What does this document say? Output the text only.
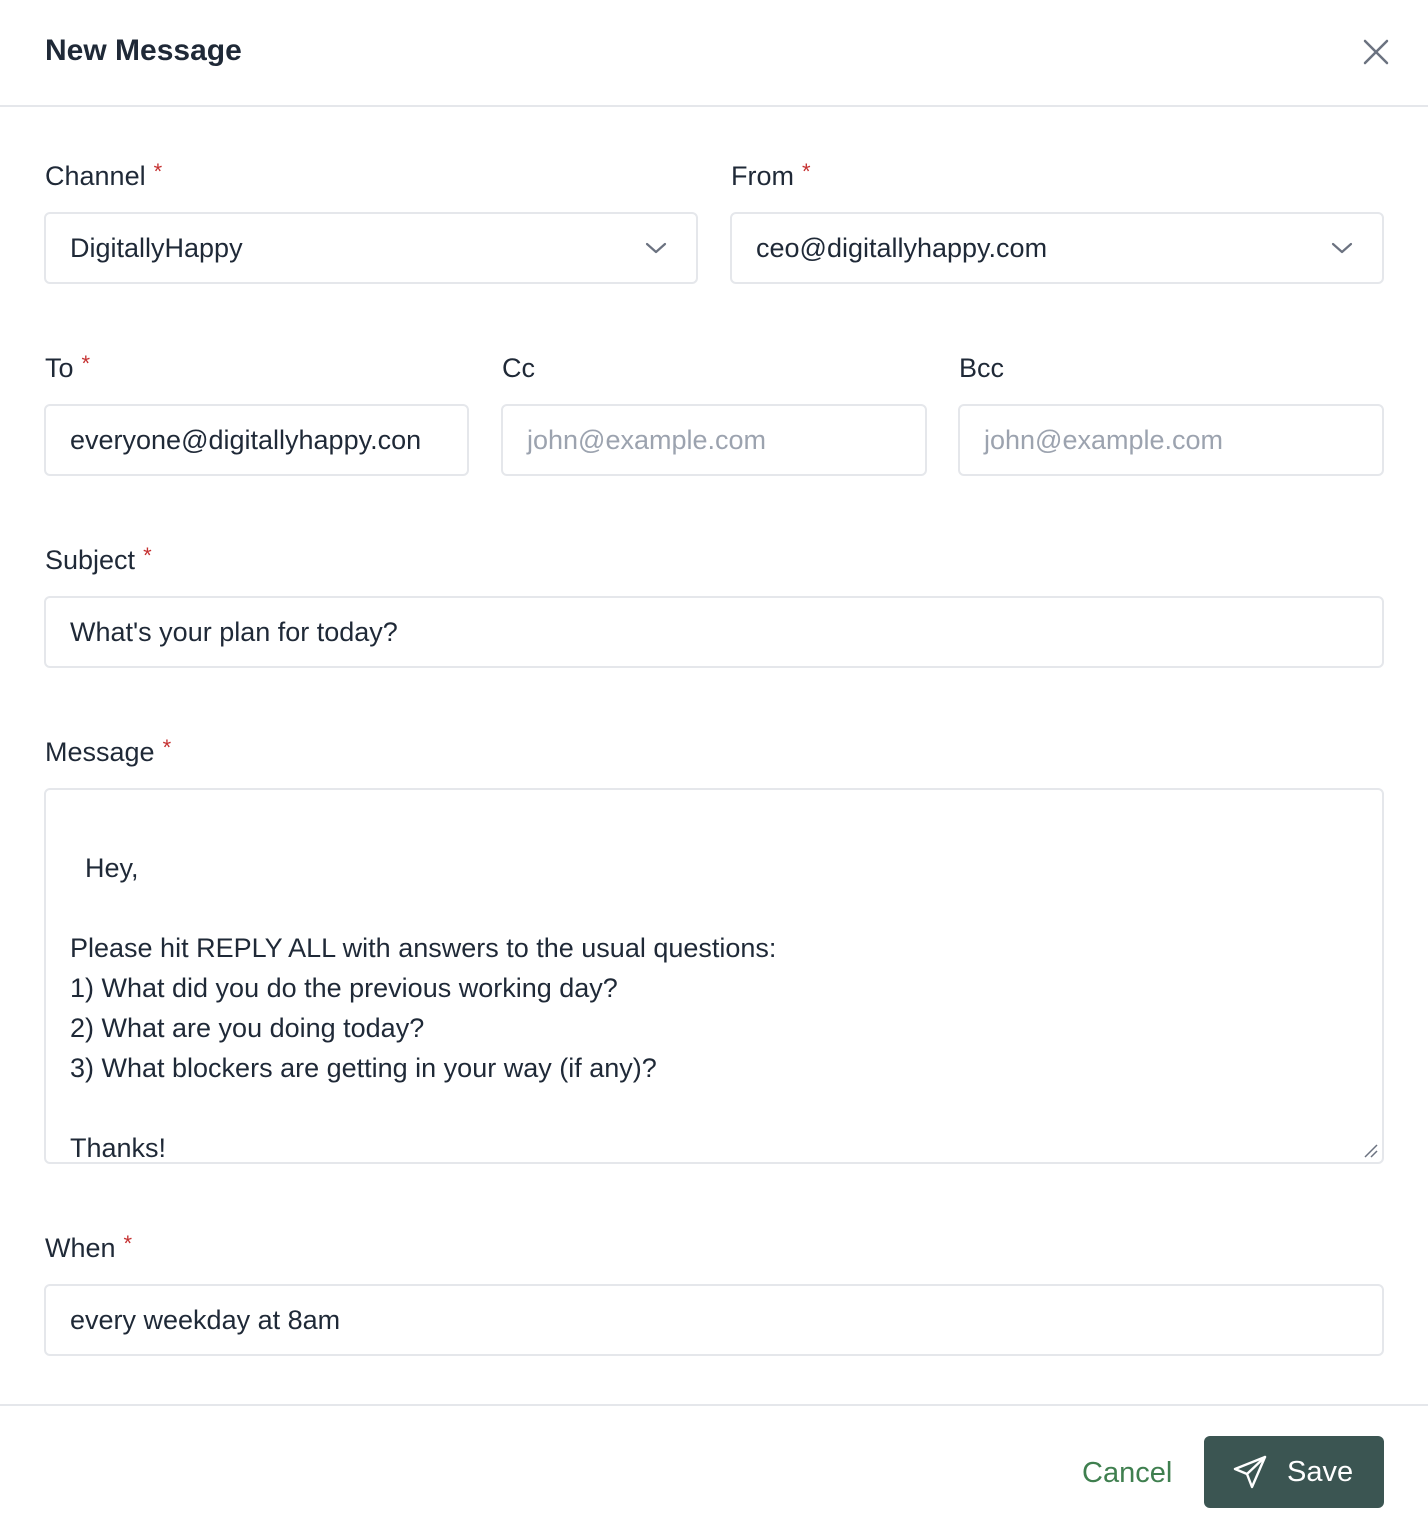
New Message
Channel *
DigitallyHappy
From *
ceo@digitallyhappy.com
To *
everyone@digitallyhappy.con
Cc
john@example.com
Bcc
john@example.com
Subject *
What's your plan for today?
Message *

Hey,

Please hit REPLY ALL with answers to the usual questions:
1) What did you do the previous working day?
2) What are you doing today?
3) What blockers are getting in your way (if any)?

Thanks!

When *
every weekday at 8am
Cancel	Save
